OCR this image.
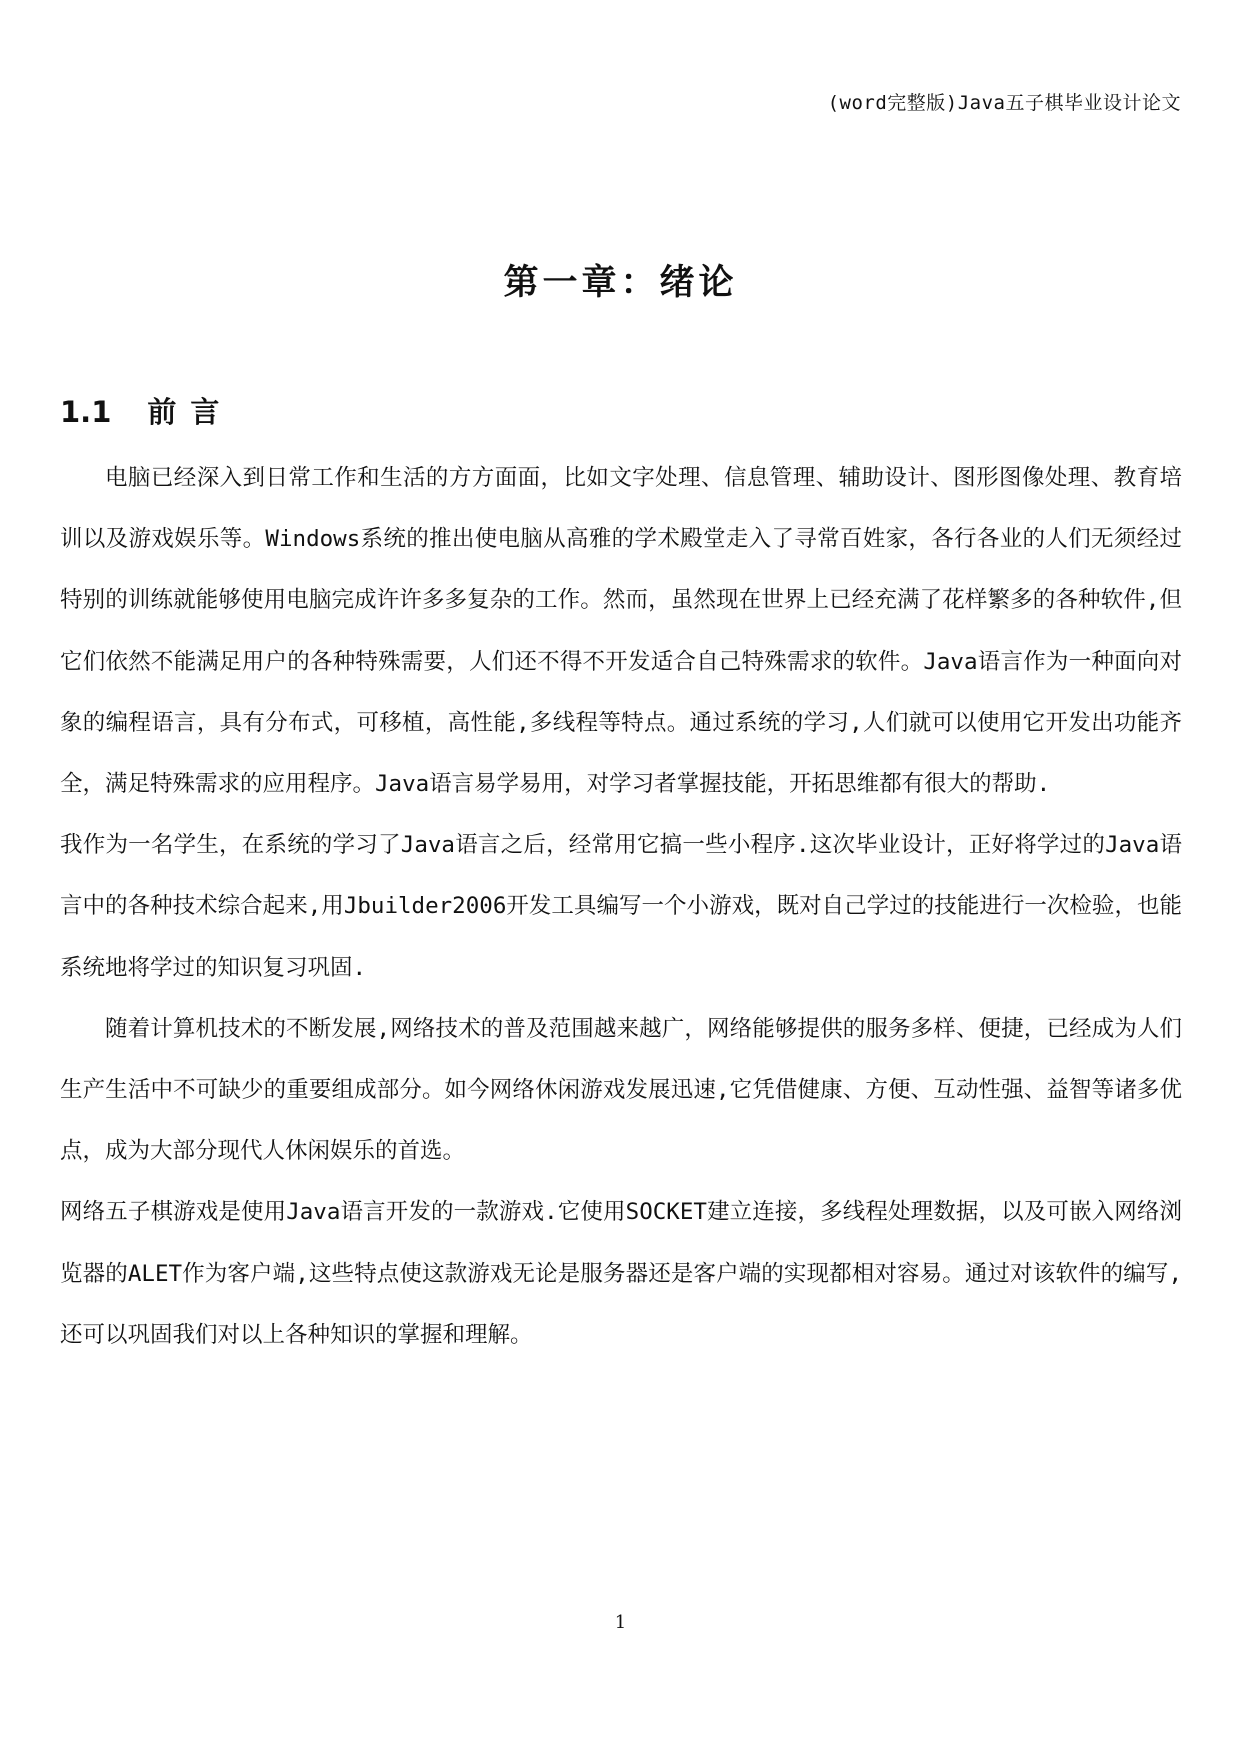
(word完整版)Java五子棋毕业设计论文
第一章：绪论
1.1 前言

电脑已经深入到日常工作和生活的方方面面，比如文字处理、信息管理、辅助设计、图形图像处理、教育培训以及游戏娱乐等。Windows系统的推出使电脑从高雅的学术殿堂走入了寻常百姓家，各行各业的人们无须经过特别的训练就能够使用电脑完成许许多多复杂的工作。然而，虽然现在世界上已经充满了花样繁多的各种软件,但它们依然不能满足用户的各种特殊需要，人们还不得不开发适合自己特殊需求的软件。Java语言作为一种面向对象的编程语言，具有分布式，可移植，高性能,多线程等特点。通过系统的学习,人们就可以使用它开发出功能齐全，满足特殊需求的应用程序。Java语言易学易用，对学习者掌握技能，开拓思维都有很大的帮助.

我作为一名学生，在系统的学习了Java语言之后，经常用它搞一些小程序.这次毕业设计，正好将学过的Java语言中的各种技术综合起来,用Jbuilder2006开发工具编写一个小游戏，既对自己学过的技能进行一次检验，也能系统地将学过的知识复习巩固.

随着计算机技术的不断发展,网络技术的普及范围越来越广，网络能够提供的服务多样、便捷，已经成为人们生产生活中不可缺少的重要组成部分。如今网络休闲游戏发展迅速,它凭借健康、方便、互动性强、益智等诸多优点，成为大部分现代人休闲娱乐的首选。

网络五子棋游戏是使用Java语言开发的一款游戏.它使用SOCKET建立连接，多线程处理数据，以及可嵌入网络浏览器的ALET作为客户端,这些特点使这款游戏无论是服务器还是客户端的实现都相对容易。通过对该软件的编写,还可以巩固我们对以上各种知识的掌握和理解。

1
